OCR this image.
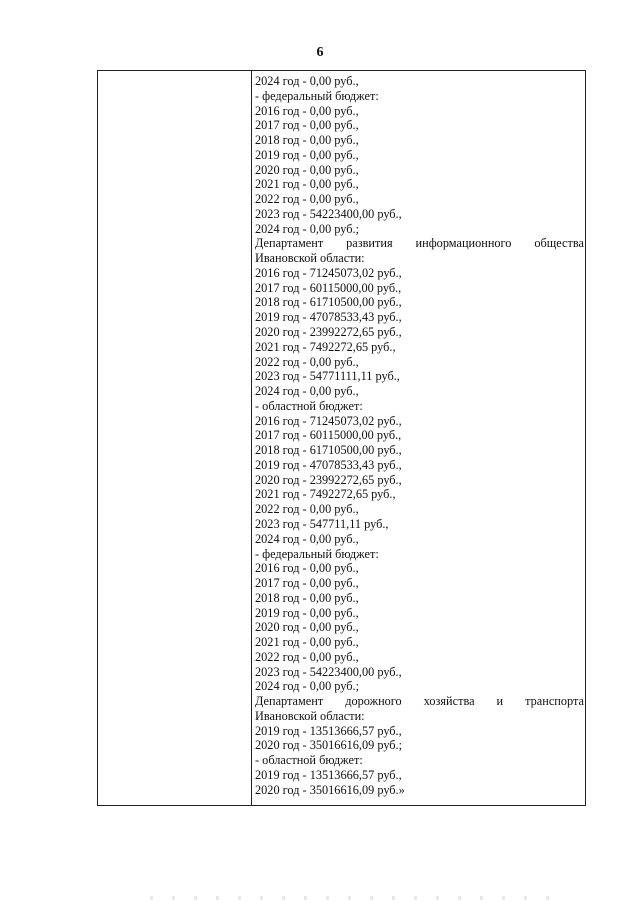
6
2024 год - 0,00 руб.,
- федеральный бюджет:
2016 год - 0,00 руб.,
2017 год - 0,00 руб.,
2018 год - 0,00 руб.,
2019 год - 0,00 руб.,
2020 год - 0,00 руб.,
2021 год - 0,00 руб.,
2022 год - 0,00 руб.,
2023 год - 54223400,00 руб.,
2024 год - 0,00 руб.;
Департамент развития информационного общества
Ивановской области:
2016 год - 71245073,02 руб.,
2017 год - 60115000,00 руб.,
2018 год - 61710500,00 руб.,
2019 год - 47078533,43 руб.,
2020 год - 23992272,65 руб.,
2021 год - 7492272,65 руб.,
2022 год - 0,00 руб.,
2023 год - 54771111,11 руб.,
2024 год - 0,00 руб.,
- областной бюджет:
2016 год - 71245073,02 руб.,
2017 год - 60115000,00 руб.,
2018 год - 61710500,00 руб.,
2019 год - 47078533,43 руб.,
2020 год - 23992272,65 руб.,
2021 год - 7492272,65 руб.,
2022 год - 0,00 руб.,
2023 год - 547711,11 руб.,
2024 год - 0,00 руб.,
- федеральный бюджет:
2016 год - 0,00 руб.,
2017 год - 0,00 руб.,
2018 год - 0,00 руб.,
2019 год - 0,00 руб.,
2020 год - 0,00 руб.,
2021 год - 0,00 руб.,
2022 год - 0,00 руб.,
2023 год - 54223400,00 руб.,
2024 год - 0,00 руб.;
Департамент дорожного хозяйства и транспорта
Ивановской области:
2019 год - 13513666,57 руб.,
2020 год - 35016616,09 руб.;
- областной бюджет:
2019 год - 13513666,57 руб.,
2020 год - 35016616,09 руб.»
